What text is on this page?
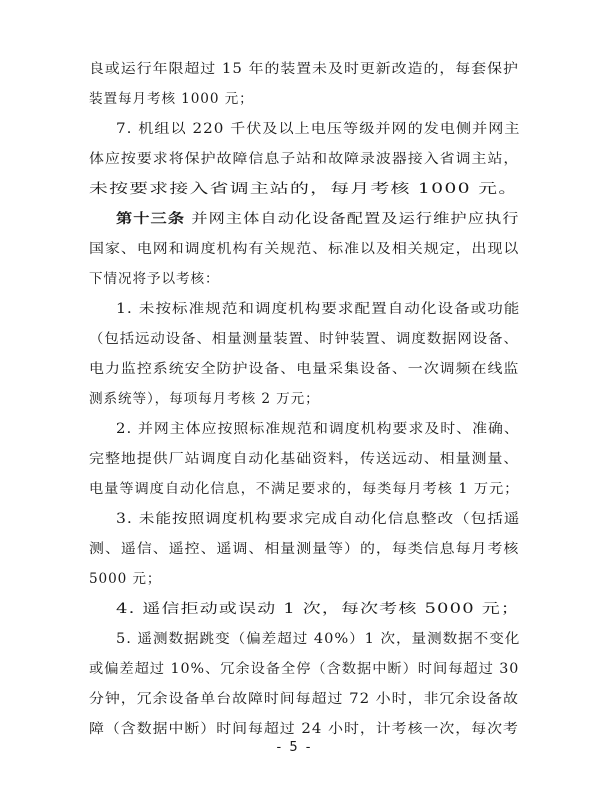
良或运行年限超过 15 年的装置未及时更新改造的，每套保护
装置每月考核 1000 元；
7. 机组以 220 千伏及以上电压等级并网的发电侧并网主
体应按要求将保护故障信息子站和故障录波器接入省调主站，
未按要求接入省调主站的，每月考核 1000 元。
第十三条 并网主体自动化设备配置及运行维护应执行
国家、电网和调度机构有关规范、标准以及相关规定，出现以
下情况将予以考核：
1. 未按标准规范和调度机构要求配置自动化设备或功能
（包括远动设备、相量测量装置、时钟装置、调度数据网设备、
电力监控系统安全防护设备、电量采集设备、一次调频在线监
测系统等），每项每月考核 2 万元；
2. 并网主体应按照标准规范和调度机构要求及时、准确、
完整地提供厂站调度自动化基础资料，传送远动、相量测量、
电量等调度自动化信息，不满足要求的，每类每月考核 1 万元；
3. 未能按照调度机构要求完成自动化信息整改（包括遥
测、遥信、遥控、遥调、相量测量等）的，每类信息每月考核
5000 元；
4. 遥信拒动或误动 1 次，每次考核 5000 元；
5. 遥测数据跳变（偏差超过 40%）1 次，量测数据不变化
或偏差超过 10%、冗余设备全停（含数据中断）时间每超过 30
分钟，冗余设备单台故障时间每超过 72 小时，非冗余设备故
障（含数据中断）时间每超过 24 小时，计考核一次，每次考
- 5 -
